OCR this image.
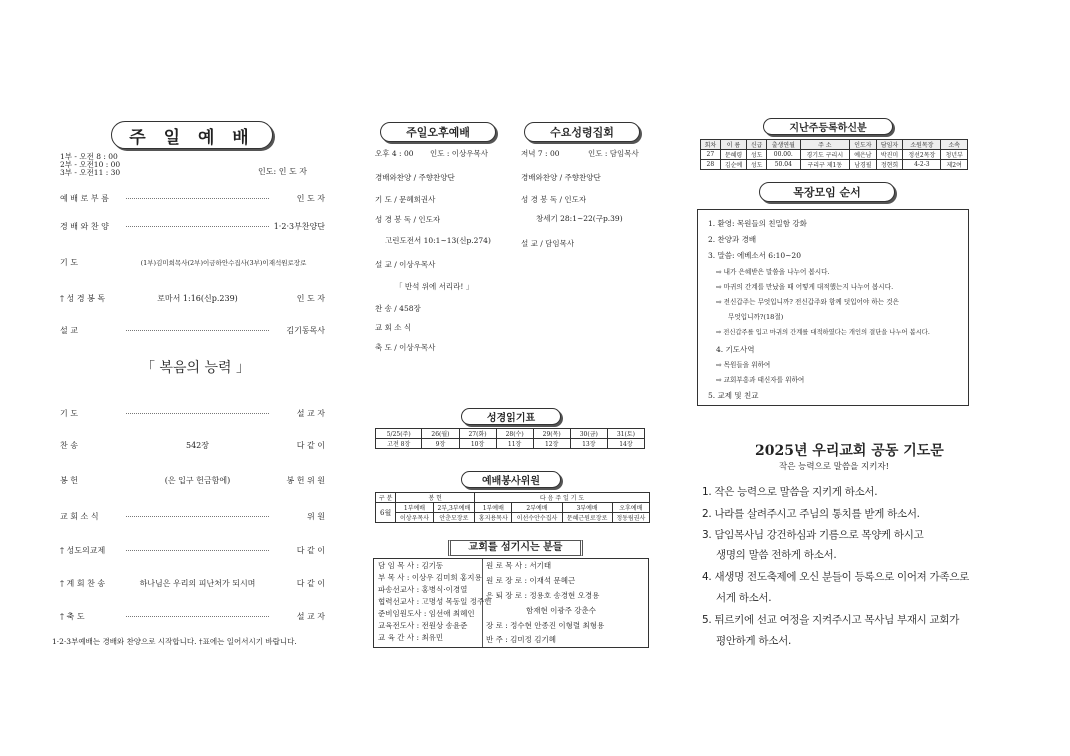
주 일 예 배
1부 - 오전 8 : 00
2부 - 오전10 : 00
3부 - 오전11 : 30	인도: 인 도 자
예 배 로 부 름	인 도 자
경 배 와 찬 양	1·2·3부찬양단
기 도	(1부)김미희목사(2부)이금하안수집사(3부)이재석원로장로
† 성 경 봉 독	로마서 1:16(신p.239)	인 도 자
설 교	김기동목사
「 복음의 능력 」
기 도	설 교 자
찬 송	542장	다 같 이
봉 헌	(은 입구 헌금함에)	봉 헌 위 원
교 회 소 식	위 원
† 성도의교제	다 같 이
† 계 회 찬 송	하나님은 우리의 피난처가 되시며	다 같 이
† 축 도	설 교 자
1·2·3부예배는 경배와 찬양으로 시작합니다. †표에는 일어서시기 바랍니다.
주일오후예배	수요성령집회
오후 4 : 00 인도 : 이상우목사
경배와찬양 / 주향찬양단
기 도 / 문혜희권사
성 경 봉 독 / 인도자
고린도전서 10:1~13(신p.274)
설 교 / 이상우목사
「 반석 위에 서리라! 」
찬 송 / 458장
교 회 소 식
축 도 / 이상우목사
저녁 7 : 00	인도 : 담임목사
경배와찬양 / 주향찬양단
성 경 봉 독 / 인도자
창세기 28:1~22(구p.39)
설 교 / 담임목사
성경읽기표
5/25(주)	26(월)	27(화)	28(수)	29(목)	30(금)	31(토)
고전 8장	9장	10장	11장	12장	13장	14장
예배봉사위원
구 분	봉 헌		다 음 주 일 기 도			
6월	1부예배	2부,3부예배	1부예배	2부예배	3부예배	오후예배
	이상우목사	안춘모장로	홍지용목사	이선수안수집사	문혜근원로장로	정동림권사
교회를 섬기시는 분들
담 임 목 사 : 김기동
부 목 사 : 이상우 김미희 홍지용
파송선교사 : 홍병식·이경열
협력선교사 : 고명성 목동일 정주헌
준비임원도사 : 임선애 최혜인
교육전도사 : 전원상 송윤준
교 육 간 사 : 최유민
원 로 목 사 : 서기태
원 로 장 로 : 이재석 문혜근
은 퇴 장 로 : 정용호 송경현 오경용
함재현 이광주 강춘수
장 로 : 정수현 안종진 이형렬 최형용
반 주 : 김미정 김기혜
지난주등록하신분
회차	이 름	신급	출생연월	주 소	인도자	담임자	소원목장	소속
27	문혜령	성도	00.00.	경기도 구리시	예은남	박진미	정선2목장	청년부
28	김순예	성도	50.04	구리구 제1동	남경필	정현희	4-2-3	제2여
목장모임 순서
1. 환영: 목원들의 친밀함 강화
2. 찬양과 경배
3. 말씀: 에베소서 6:10~20
⇨ 내가 은혜받은 말씀을 나누어 봅시다.
⇨ 마귀의 간계를 만났을 때 어떻게 대적했는지 나누어 봅시다.
⇨ 전신갑주는 무엇입니까? 전신갑주와 함께 덧입어야 하는 것은
무엇입니까?(18절)
⇨ 전신갑주를 입고 마귀의 간계를 대적하였다는 개인의 결단을 나누어 봅시다.
4. 기도사역
⇨ 목원들을 위하여
⇨ 교회부흥과 태신자를 위하여
5. 교제 및 친교
2025년 우리교회 공동 기도문
작은 능력으로 말씀을 지키자!
1. 작은 능력으로 말씀을 지키게 하소서.
2. 나라를 살려주시고 주님의 통치를 받게 하소서.
3. 담임목사님 강건하심과 기름으로 목양케 하시고
생명의 말씀 전하게 하소서.
4. 새생명 전도축제에 오신 분들이 등록으로 이어져 가족으로
서게 하소서.
5. 튀르키에 선교 여정을 지켜주시고 목사님 부재시 교회가
평안하게 하소서.
